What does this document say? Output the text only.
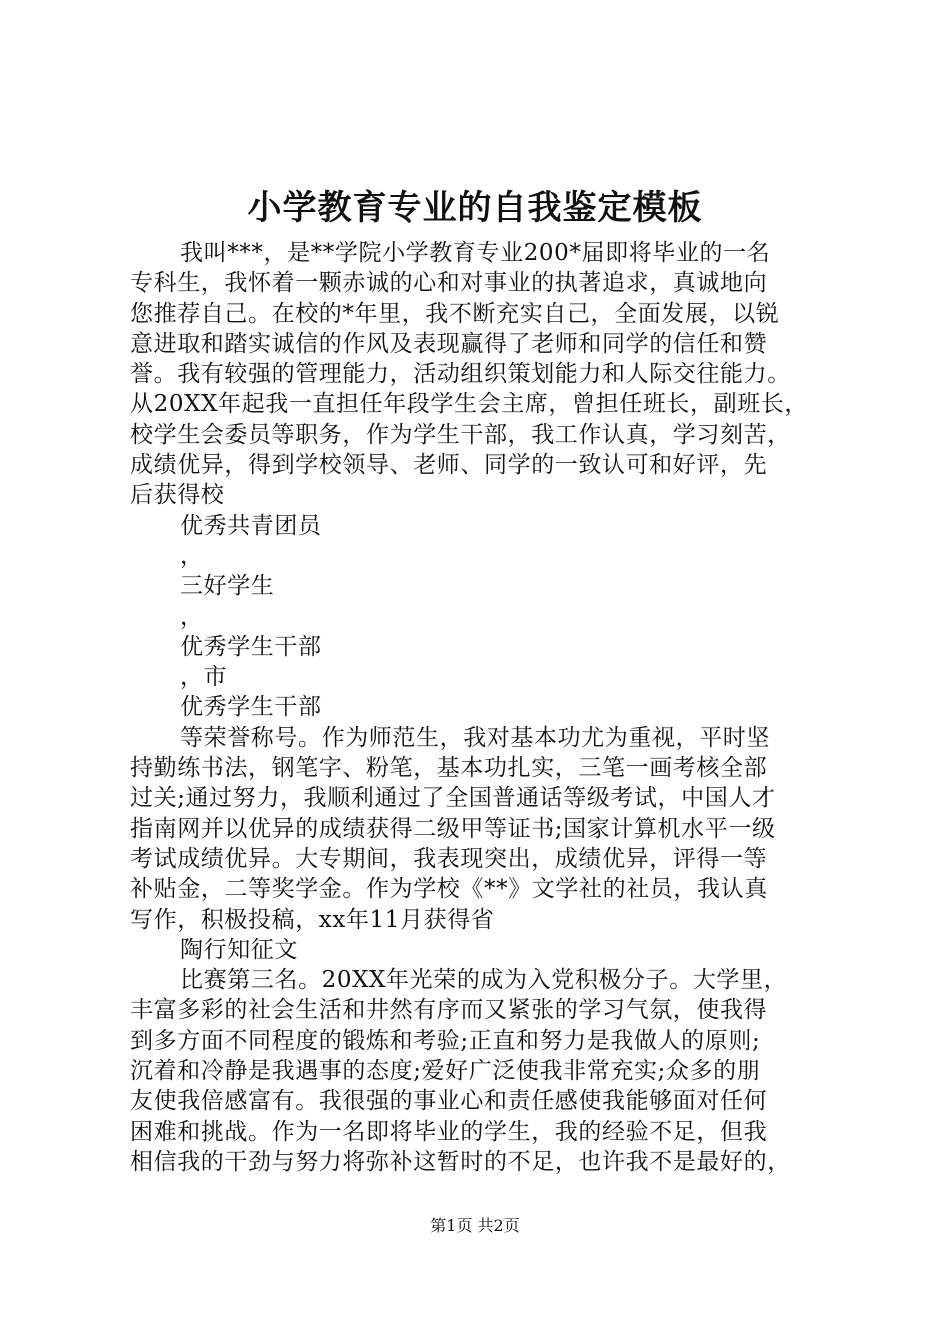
小学教育专业的自我鉴定模板
我叫***，是**学院小学教育专业200*届即将毕业的一名
专科生，我怀着一颗赤诚的心和对事业的执著追求，真诚地向
您推荐自己。在校的*年里，我不断充实自己，全面发展，以锐
意进取和踏实诚信的作风及表现赢得了老师和同学的信任和赞
誉。我有较强的管理能力，活动组织策划能力和人际交往能力。
从20XX年起我一直担任年段学生会主席，曾担任班长，副班长，
校学生会委员等职务，作为学生干部，我工作认真，学习刻苦，
成绩优异，得到学校领导、老师、同学的一致认可和好评，先
后获得校
优秀共青团员
，
三好学生
，
优秀学生干部
，市
优秀学生干部
等荣誉称号。作为师范生，我对基本功尤为重视，平时坚
持勤练书法，钢笔字、粉笔，基本功扎实，三笔一画考核全部
过关;通过努力，我顺利通过了全国普通话等级考试，中国人才
指南网并以优异的成绩获得二级甲等证书;国家计算机水平一级
考试成绩优异。大专期间，我表现突出，成绩优异，评得一等
补贴金，二等奖学金。作为学校《**》文学社的社员，我认真
写作，积极投稿，xx年11月获得省
陶行知征文
比赛第三名。20XX年光荣的成为入党积极分子。大学里，
丰富多彩的社会生活和井然有序而又紧张的学习气氛，使我得
到多方面不同程度的锻炼和考验;正直和努力是我做人的原则;
沉着和冷静是我遇事的态度;爱好广泛使我非常充实;众多的朋
友使我倍感富有。我很强的事业心和责任感使我能够面对任何
困难和挑战。作为一名即将毕业的学生，我的经验不足，但我
相信我的干劲与努力将弥补这暂时的不足，也许我不是最好的，
第1页 共2页
